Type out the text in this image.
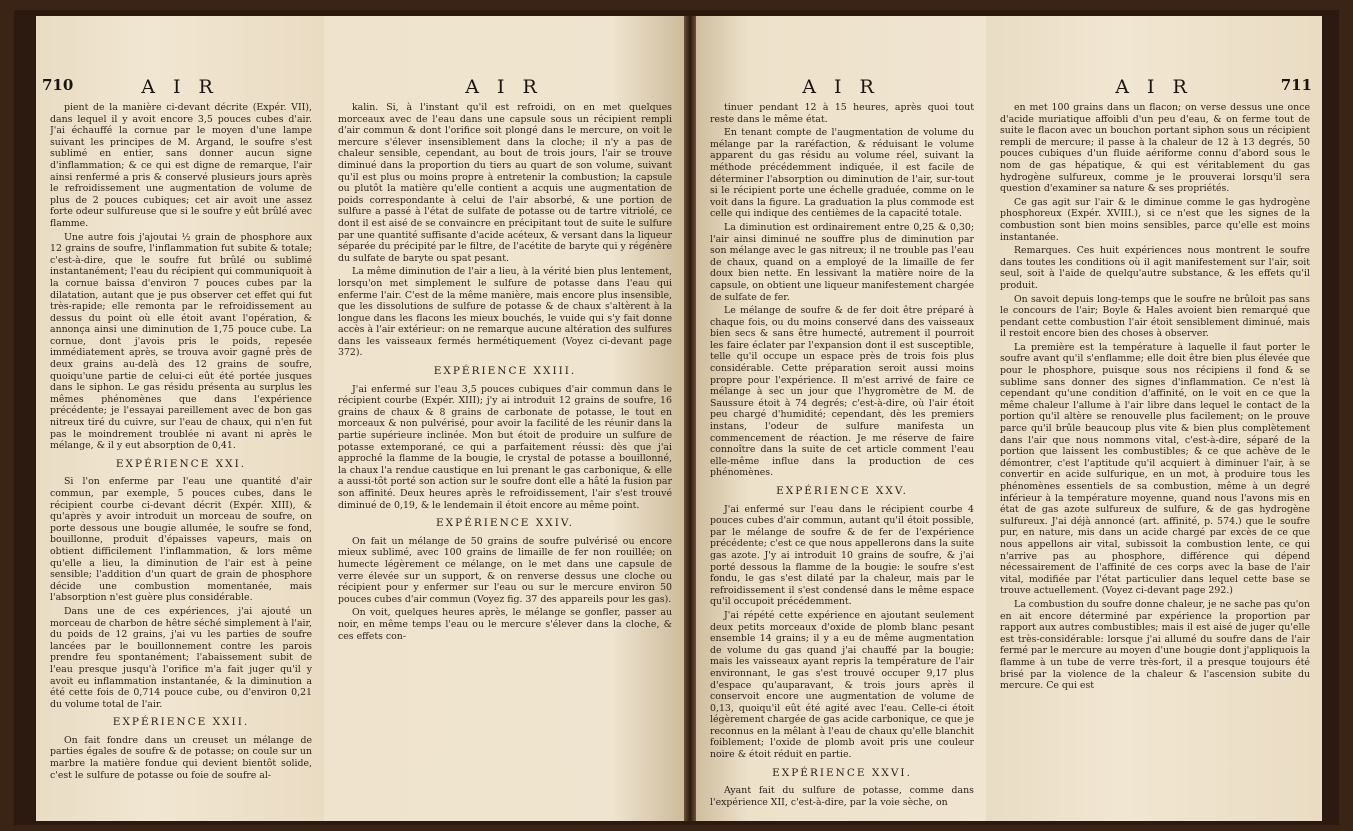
710	A I R

pient de la manière ci-devant décrite (Expér. VII), dans lequel il y avoit encore 3,5 pouces cubes d'air. J'ai échauffé la cornue par le moyen d'une lampe suivant les principes de M. Argand, le soufre s'est sublimé en entier, sans donner aucun signe d'inflammation; & ce qui est digne de remarque, l'air ainsi renfermé a pris & conservé plusieurs jours après le refroidissement une augmentation de volume de plus de 2 pouces cubiques; cet air avoit une assez forte odeur sulfureuse que si le soufre y eût brûlé avec flamme.

Une autre fois j'ajoutai ½ grain de phosphore aux 12 grains de soufre, l'inflammation fut subite & totale; c'est-à-dire, que le soufre fut brûlé ou sublimé instantanément; l'eau du récipient qui communiquoit à la cornue baissa d'environ 7 pouces cubes par la dilatation, autant que je pus observer cet effet qui fut très-rapide; elle remonta par le refroidissement au dessus du point où elle étoit avant l'opération, & annonça ainsi une diminution de 1,75 pouce cube. La cornue, dont j'avois pris le poids, repesée immédiatement après, se trouva avoir gagné près de deux grains au-delà des 12 grains de soufre, quoiqu'une partie de celui-ci eût été portée jusques dans le siphon. Le gas résidu présenta au surplus les mêmes phénomènes que dans l'expérience précédente; je l'essayai pareillement avec de bon gas nitreux tiré du cuivre, sur l'eau de chaux, qui n'en fut pas le moindrement troublée ni avant ni après le mélange, & il y eut absorption de 0,41.

EXPÉRIENCE XXI.

Si l'on enferme par l'eau une quantité d'air commun, par exemple, 5 pouces cubes, dans le récipient courbe ci-devant décrit (Expér. XIII), & qu'après y avoir introduit un morceau de soufre, on porte dessous une bougie allumée, le soufre se fond, bouillonne, produit d'épaisses vapeurs, mais on obtient difficilement l'inflammation, & lors même qu'elle a lieu, la diminution de l'air est à peine sensible; l'addition d'un quart de grain de phosphore décide une combustion momentanée, mais l'absorption n'est guère plus considérable.

Dans une de ces expériences, j'ai ajouté un morceau de charbon de hêtre séché simplement à l'air, du poids de 12 grains, j'ai vu les parties de soufre lancées par le bouillonnement contre les parois prendre feu spontanément; l'abaissement subit de l'eau presque jusqu'à l'orifice m'a fait juger qu'il y avoit eu inflammation instantanée, & la diminution a été cette fois de 0,714 pouce cube, ou d'environ 0,21 du volume total de l'air.

EXPÉRIENCE XXII.

On fait fondre dans un creuset un mélange de parties égales de soufre & de potasse; on coule sur un marbre la matière fondue qui devient bientôt solide, c'est le sulfure de potasse ou foie de soufre al-

A I R

kalin. Si, à l'instant qu'il est refroidi, on en met quelques morceaux avec de l'eau dans une capsule sous un récipient rempli d'air commun & dont l'orifice soit plongé dans le mercure, on voit le mercure s'élever insensiblement dans la cloche; il n'y a pas de chaleur sensible, cependant, au bout de trois jours, l'air se trouve diminué dans la proportion du tiers au quart de son volume, suivant qu'il est plus ou moins propre à entretenir la combustion; la capsule ou plutôt la matière qu'elle contient a acquis une augmentation de poids correspondante à celui de l'air absorbé, & une portion de sulfure a passé à l'état de sulfate de potasse ou de tartre vitriolé, ce dont il est aisé de se convaincre en précipitant tout de suite le sulfure par une quantité suffisante d'acide acéteux, & versant dans la liqueur séparée du précipité par le filtre, de l'acétite de baryte qui y régénère du sulfate de baryte ou spat pesant.

La même diminution de l'air a lieu, à la vérité bien plus lentement, lorsqu'on met simplement le sulfure de potasse dans l'eau qui enferme l'air. C'est de la même manière, mais encore plus insensible, que les dissolutions de sulfure de potasse & de chaux s'altèrent à la longue dans les flacons les mieux bouchés, le vuide qui s'y fait donne accès à l'air extérieur: on ne remarque aucune altération des sulfures dans les vaisseaux fermés hermétiquement (Voyez ci-devant page 372).

EXPÉRIENCE XXIII.

J'ai enfermé sur l'eau 3,5 pouces cubiques d'air commun dans le récipient courbe (Expér. XIII); j'y ai introduit 12 grains de soufre, 16 grains de chaux & 8 grains de carbonate de potasse, le tout en morceaux & non pulvérisé, pour avoir la facilité de les réunir dans la partie supérieure inclinée. Mon but étoit de produire un sulfure de potasse extemporané, ce qui a parfaitement réussi: dès que j'ai approché la flamme de la bougie, le crystal de potasse a bouillonné, la chaux l'a rendue caustique en lui prenant le gas carbonique, & elle a aussi-tôt porté son action sur le soufre dont elle a hâté la fusion par son affinité. Deux heures après le refroidissement, l'air s'est trouvé diminué de 0,19, & le lendemain il étoit encore au même point.

EXPÉRIENCE XXIV.

On fait un mélange de 50 grains de soufre pulvérisé ou encore mieux sublimé, avec 100 grains de limaille de fer non rouillée; on humecte légèrement ce mélange, on le met dans une capsule de verre élevée sur un support, & on renverse dessus une cloche ou récipient pour y enfermer sur l'eau ou sur le mercure environ 50 pouces cubes d'air commun (Voyez fig. 37 des appareils pour les gas).

On voit, quelques heures après, le mélange se gonfler, passer au noir, en même temps l'eau ou le mercure s'élever dans la cloche, & ces effets con-

A I R

tinuer pendant 12 à 15 heures, après quoi tout reste dans le même état.

En tenant compte de l'augmentation de volume du mélange par la raréfaction, & réduisant le volume apparent du gas résidu au volume réel, suivant la méthode précédemment indiquée, il est facile de déterminer l'absorption ou diminution de l'air, sur-tout si le récipient porte une échelle graduée, comme on le voit dans la figure. La graduation la plus commode est celle qui indique des centièmes de la capacité totale.

La diminution est ordinairement entre 0,25 & 0,30; l'air ainsi diminué ne souffre plus de diminution par son mélange avec le gas nitreux; il ne trouble pas l'eau de chaux, quand on a employé de la limaille de fer doux bien nette. En lessivant la matière noire de la capsule, on obtient une liqueur manifestement chargée de sulfate de fer.

Le mélange de soufre & de fer doit être préparé à chaque fois, ou du moins conservé dans des vaisseaux bien secs & sans être humecté, autrement il pourroit les faire éclater par l'expansion dont il est susceptible, telle qu'il occupe un espace près de trois fois plus considérable. Cette préparation seroit aussi moins propre pour l'expérience. Il m'est arrivé de faire ce mélange à sec un jour que l'hygromètre de M. de Saussure étoit à 74 degrés; c'est-à-dire, où l'air étoit peu chargé d'humidité; cependant, dès les premiers instans, l'odeur de sulfure manifesta un commencement de réaction. Je me réserve de faire connoître dans la suite de cet article comment l'eau elle-même influe dans la production de ces phénomènes.

EXPÉRIENCE XXV.

J'ai enfermé sur l'eau dans le récipient courbe 4 pouces cubes d'air commun, autant qu'il étoit possible, par le mélange de soufre & de fer de l'expérience précédente; c'est ce que nous appellerons dans la suite gas azote. J'y ai introduit 10 grains de soufre, & j'ai porté dessous la flamme de la bougie: le soufre s'est fondu, le gas s'est dilaté par la chaleur, mais par le refroidissement il s'est condensé dans le même espace qu'il occupoit précédemment.

J'ai répété cette expérience en ajoutant seulement deux petits morceaux d'oxide de plomb blanc pesant ensemble 14 grains; il y a eu de même augmentation de volume du gas quand j'ai chauffé par la bougie; mais les vaisseaux ayant repris la température de l'air environnant, le gas s'est trouvé occuper 9,17 plus d'espace qu'auparavant, & trois jours après il conservoit encore une augmentation de volume de 0,13, quoiqu'il eût été agité avec l'eau. Celle-ci étoit légèrement chargée de gas acide carbonique, ce que je reconnus en la mêlant à l'eau de chaux qu'elle blanchit foiblement; l'oxide de plomb avoit pris une couleur noire & étoit réduit en partie.

EXPÉRIENCE XXVI.

Ayant fait du sulfure de potasse, comme dans l'expérience XII, c'est-à-dire, par la voie sèche, on

A I R	711

en met 100 grains dans un flacon; on verse dessus une once d'acide muriatique affoibli d'un peu d'eau, & on ferme tout de suite le flacon avec un bouchon portant siphon sous un récipient rempli de mercure; il passe à la chaleur de 12 à 13 degrés, 50 pouces cubiques d'un fluide aériforme connu d'abord sous le nom de gas hépatique, & qui est véritablement du gas hydrogène sulfureux, comme je le prouverai lorsqu'il sera question d'examiner sa nature & ses propriétés.

Ce gas agit sur l'air & le diminue comme le gas hydrogène phosphoreux (Expér. XVIII.), si ce n'est que les signes de la combustion sont bien moins sensibles, parce qu'elle est moins instantanée.

Remarques. Ces huit expériences nous montrent le soufre dans toutes les conditions où il agit manifestement sur l'air, soit seul, soit à l'aide de quelqu'autre substance, & les effets qu'il produit.

On savoit depuis long-temps que le soufre ne brûloit pas sans le concours de l'air; Boyle & Hales avoient bien remarqué que pendant cette combustion l'air étoit sensiblement diminué, mais il restoit encore bien des choses à observer.

La première est la température à laquelle il faut porter le soufre avant qu'il s'enflamme; elle doit être bien plus élevée que pour le phosphore, puisque sous nos récipiens il fond & se sublime sans donner des signes d'inflammation. Ce n'est là cependant qu'une condition d'affinité, on le voit en ce que la même chaleur l'allume à l'air libre dans lequel le contact de la portion qu'il altère se renouvelle plus facilement; on le prouve parce qu'il brûle beaucoup plus vite & bien plus complètement dans l'air que nous nommons vital, c'est-à-dire, séparé de la portion que laissent les combustibles; & ce que achève de le démontrer, c'est l'aptitude qu'il acquiert à diminuer l'air, à se convertir en acide sulfurique, en un mot, à produire tous les phénomènes essentiels de sa combustion, même à un degré inférieur à la température moyenne, quand nous l'avons mis en état de gas azote sulfureux de sulfure, & de gas hydrogène sulfureux. J'ai déjà annoncé (art. affinité, p. 574.) que le soufre pur, en nature, mis dans un acide chargé par excès de ce que nous appellons air vital, subissoit la combustion lente, ce qui n'arrive pas au phosphore, différence qui dépend nécessairement de l'affinité de ces corps avec la base de l'air vital, modifiée par l'état particulier dans lequel cette base se trouve actuellement. (Voyez ci-devant page 292.)

La combustion du soufre donne chaleur, je ne sache pas qu'on en ait encore déterminé par expérience la proportion par rapport aux autres combustibles; mais il est aisé de juger qu'elle est très-considérable: lorsque j'ai allumé du soufre dans de l'air fermé par le mercure au moyen d'une bougie dont j'appliquois la flamme à un tube de verre très-fort, il a presque toujours été brisé par la violence de la chaleur & l'ascension subite du mercure. Ce qui est
